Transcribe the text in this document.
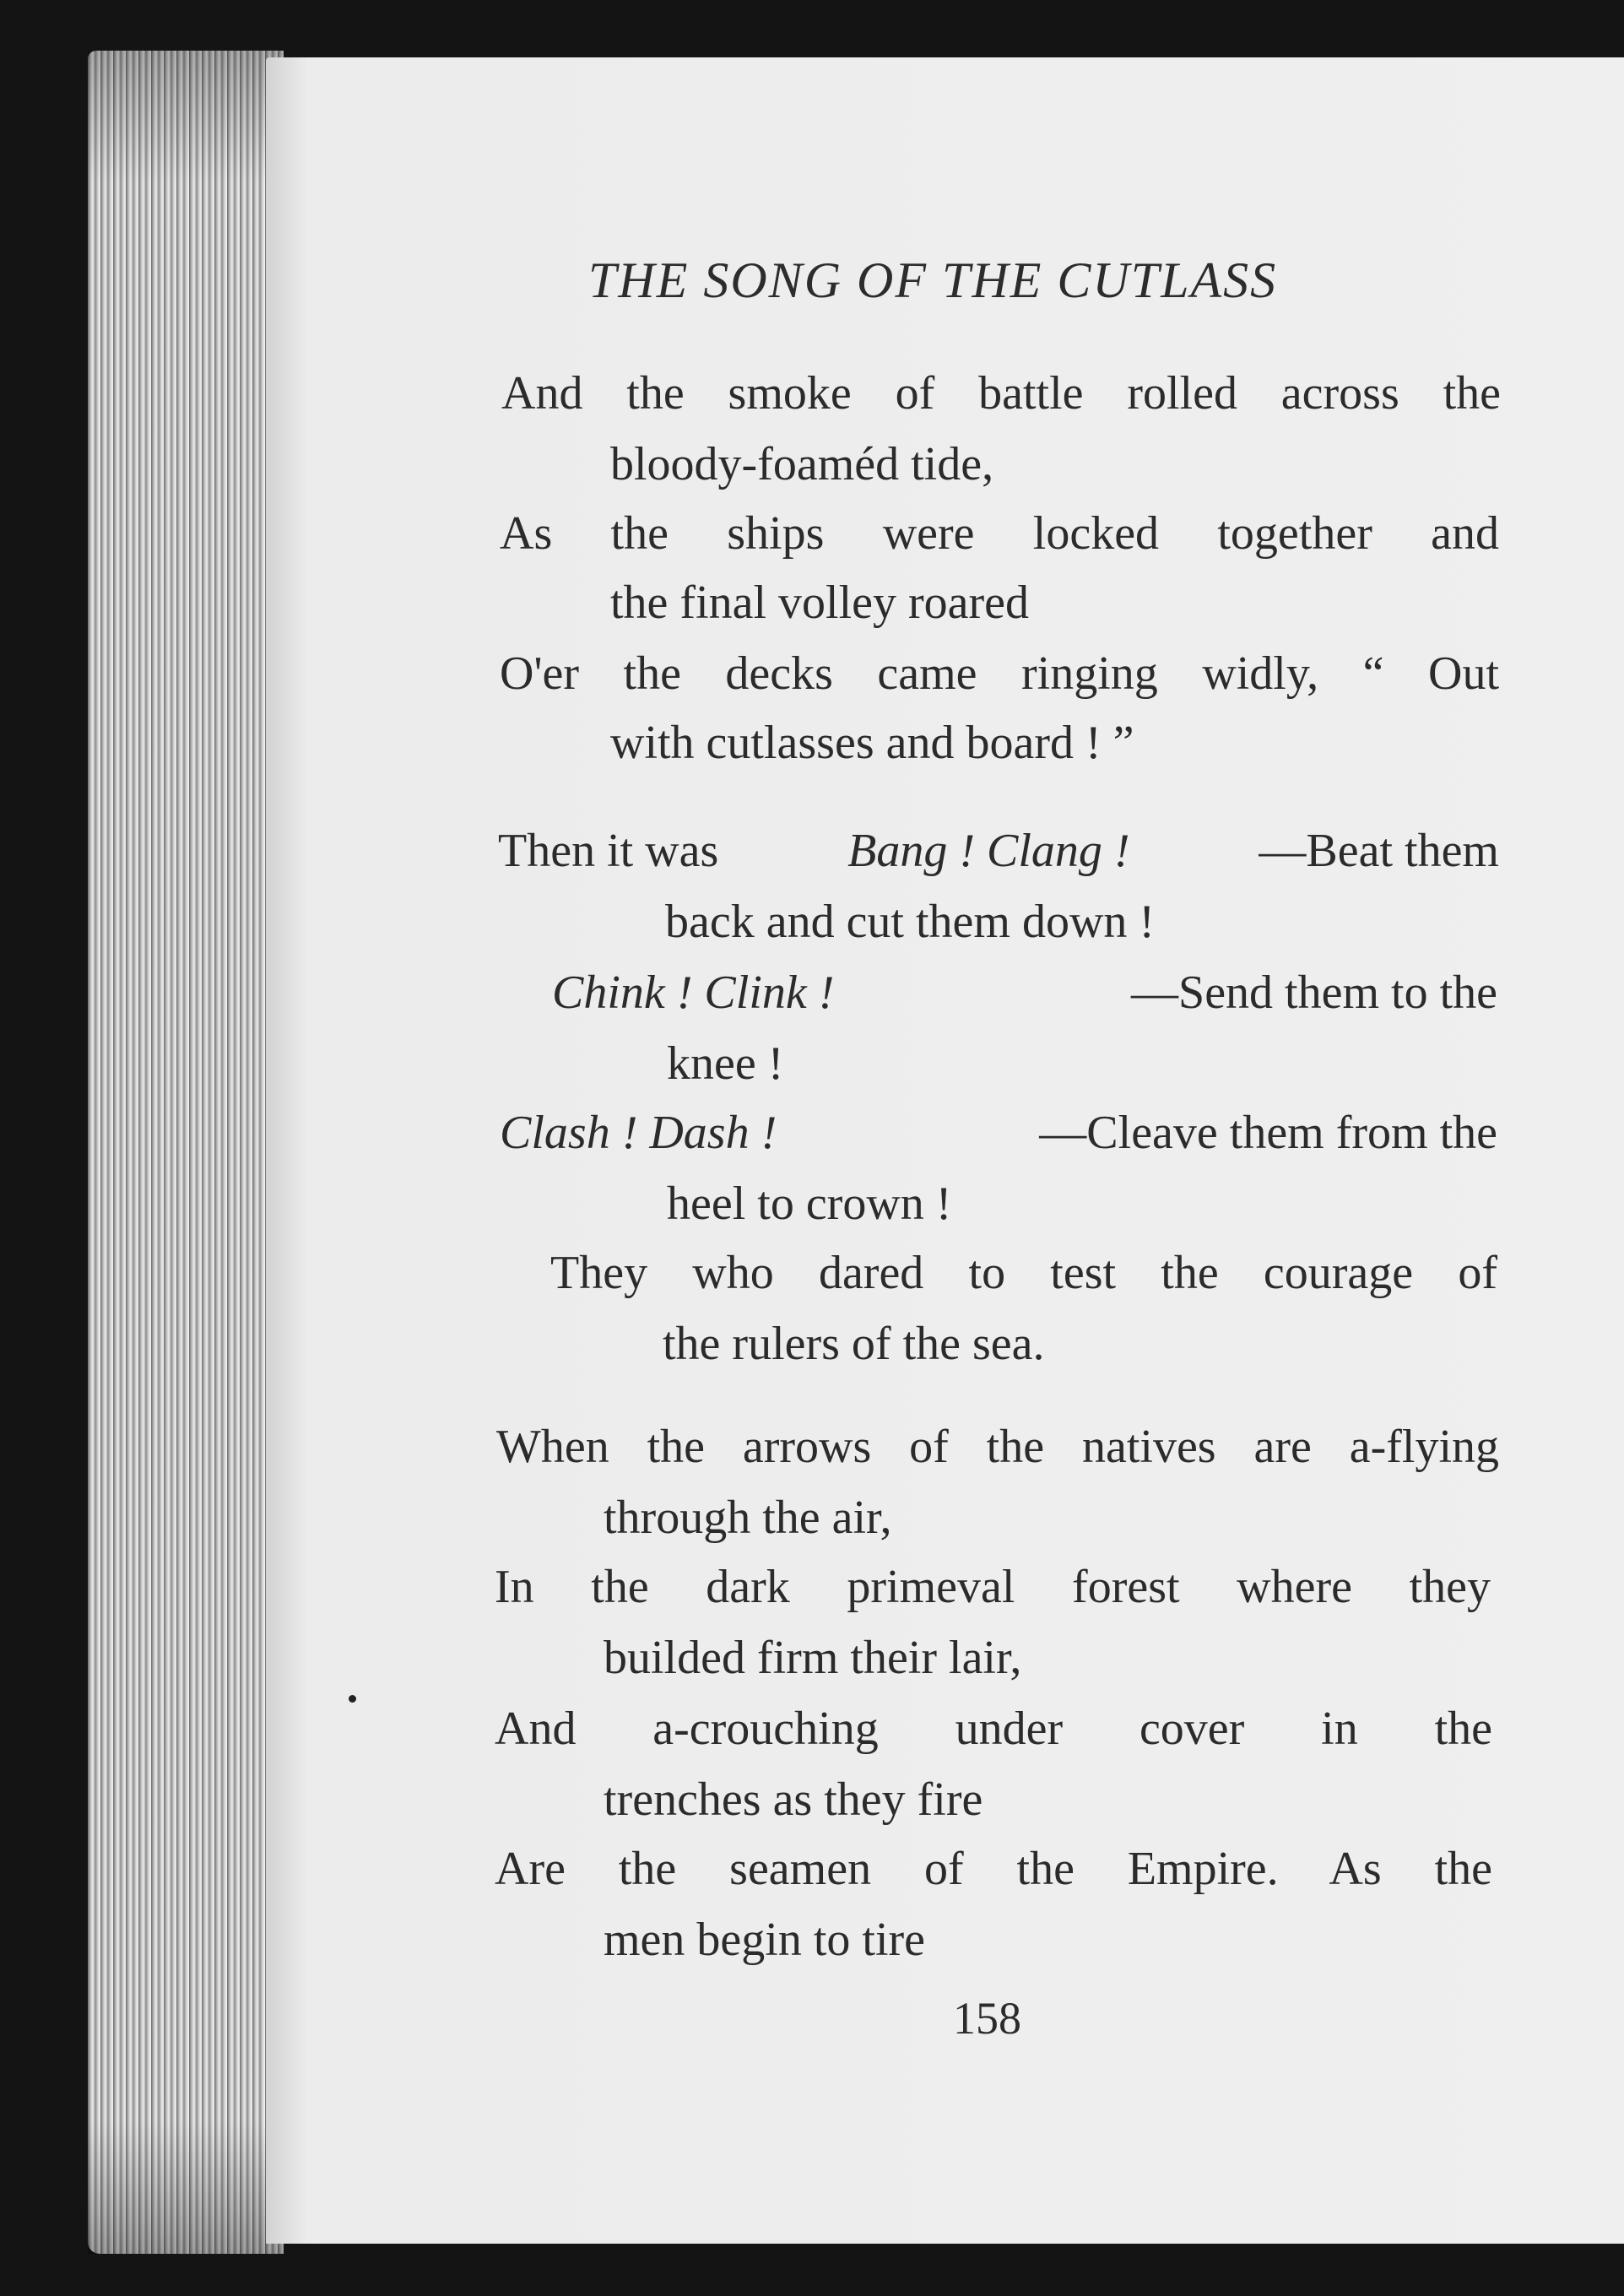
THE SONG OF THE CUTLASS
And the smoke of battle rolled across the
bloody-foaméd tide,
As the ships were locked together and
the final volley roared
O'er the decks came ringing widly, “ Out
with cutlasses and board ! ”
Then it was	Bang ! Clang !	—Beat them
back and cut them down !
Chink ! Clink !	—Send them to the
knee !
Clash ! Dash !	—Cleave them from the
heel to crown !
They who dared to test the courage of
the rulers of the sea.
When the arrows of the natives are a-flying
through the air,
In the dark primeval forest where they
builded firm their lair,
And a-crouching under cover in the
trenches as they fire
Are the seamen of the Empire. As the
men begin to tire

158
